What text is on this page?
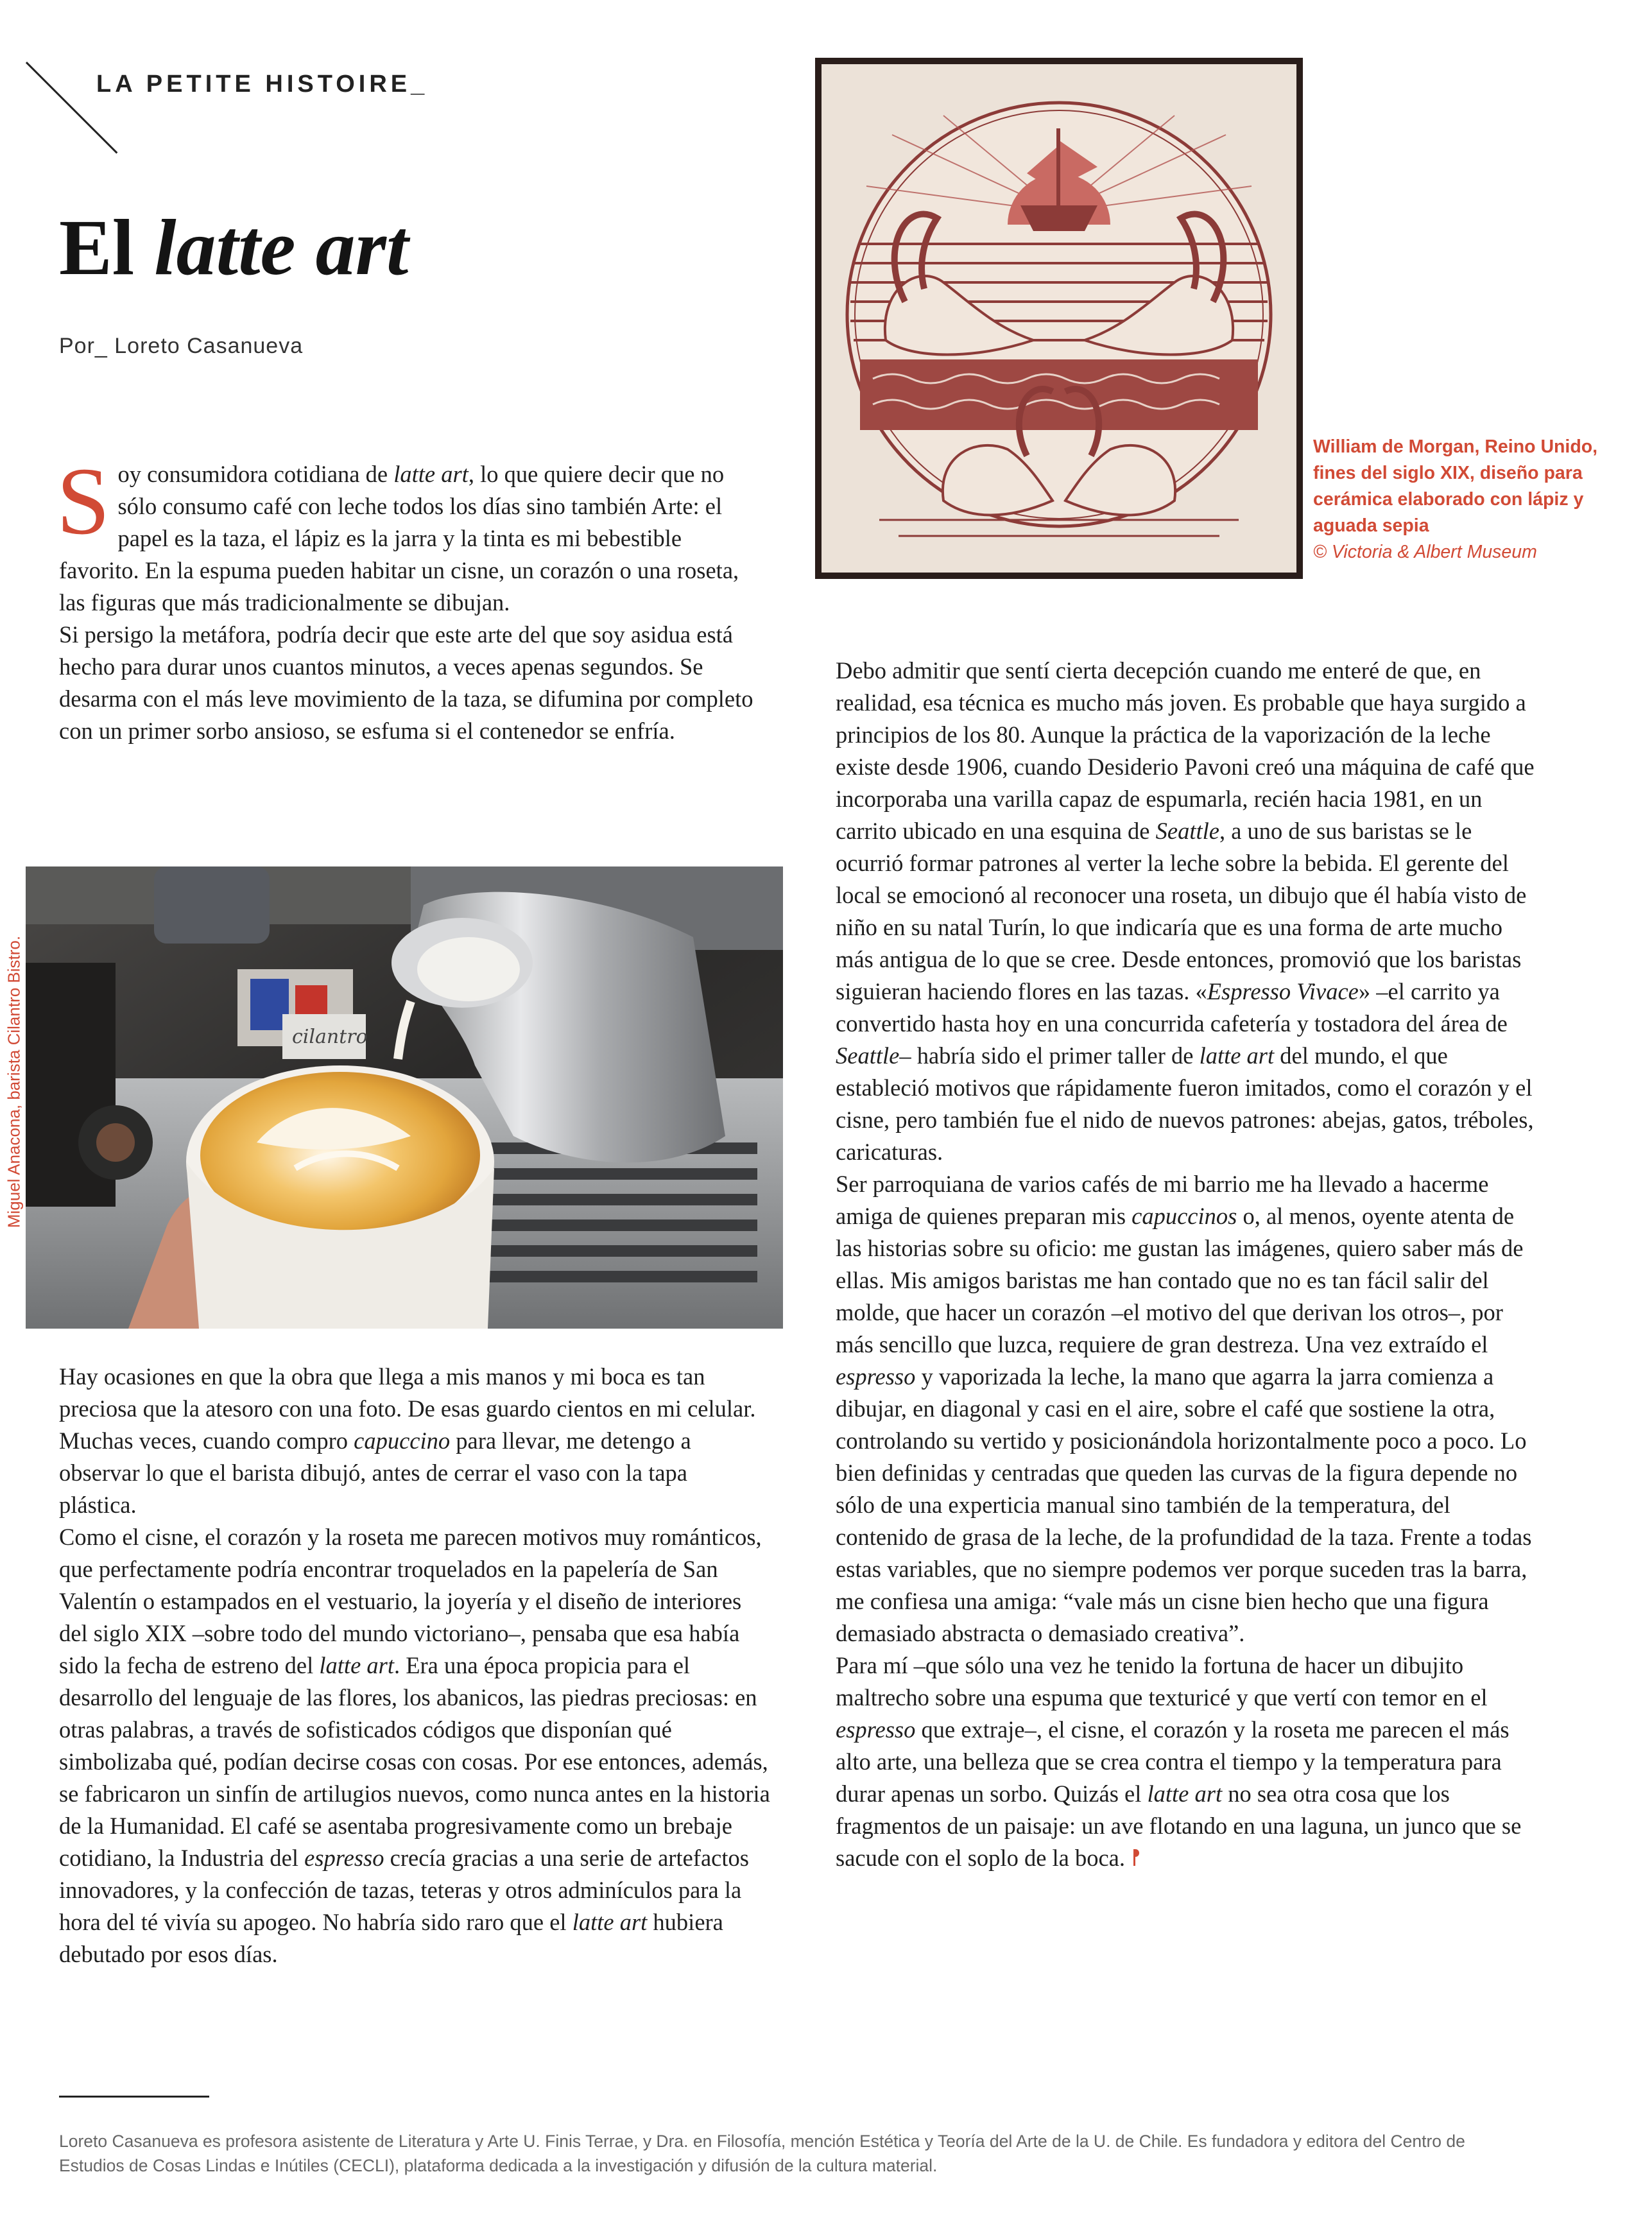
LA PETITE HISTOIRE_
El latte art
Por_ Loreto Casanueva

Soy consumidora cotidiana de latte art, lo que quiere decir que no sólo consumo café con leche todos los días sino también Arte: el papel es la taza, el lápiz es la jarra y la tinta es mi bebestible favorito. En la espuma pueden habitar un cisne, un corazón o una roseta, las figuras que más tradicionalmente se dibujan.

Si persigo la metáfora, podría decir que este arte del que soy asidua está hecho para durar unos cuantos minutos, a veces apenas segundos. Se desarma con el más leve movimiento de la taza, se difumina por completo con un primer sorbo ansioso, se esfuma si el contenedor se enfría.

cilantro
Miguel Anacona, barista Cilantro Bistro.

Hay ocasiones en que la obra que llega a mis manos y mi boca es tan preciosa que la atesoro con una foto. De esas guardo cientos en mi celular. Muchas veces, cuando compro capuccino para llevar, me detengo a observar lo que el barista dibujó, antes de cerrar el vaso con la tapa plástica.

Como el cisne, el corazón y la roseta me parecen motivos muy románticos, que perfectamente podría encontrar troquelados en la papelería de San Valentín o estampados en el vestuario, la joyería y el diseño de interiores del siglo XIX –sobre todo del mundo victoriano–, pensaba que esa había sido la fecha de estreno del latte art. Era una época propicia para el desarrollo del lenguaje de las flores, los abanicos, las piedras preciosas: en otras palabras, a través de sofisticados códigos que disponían qué simbolizaba qué, podían decirse cosas con cosas. Por ese entonces, además, se fabricaron un sinfín de artilugios nuevos, como nunca antes en la historia de la Humanidad. El café se asentaba progresivamente como un brebaje cotidiano, la Industria del espresso crecía gracias a una serie de artefactos innovadores, y la confección de tazas, teteras y otros adminículos para la hora del té vivía su apogeo. No habría sido raro que el latte art hubiera debutado por esos días.

William de Morgan, Reino Unido, fines del siglo XIX, diseño para cerámica elaborado con lápiz y aguada sepia
© Victoria & Albert Museum

Debo admitir que sentí cierta decepción cuando me enteré de que, en realidad, esa técnica es mucho más joven. Es probable que haya surgido a principios de los 80. Aunque la práctica de la vaporización de la leche existe desde 1906, cuando Desiderio Pavoni creó una máquina de café que incorporaba una varilla capaz de espumarla, recién hacia 1981, en un carrito ubicado en una esquina de Seattle, a uno de sus baristas se le ocurrió formar patrones al verter la leche sobre la bebida. El gerente del local se emocionó al reconocer una roseta, un dibujo que él había visto de niño en su natal Turín, lo que indicaría que es una forma de arte mucho más antigua de lo que se cree. Desde entonces, promovió que los baristas siguieran haciendo flores en las tazas. «Espresso Vivace» –el carrito ya convertido hasta hoy en una concurrida cafetería y tostadora del área de Seattle– habría sido el primer taller de latte art del mundo, el que estableció motivos que rápidamente fueron imitados, como el corazón y el cisne, pero también fue el nido de nuevos patrones: abejas, gatos, tréboles, caricaturas.

Ser parroquiana de varios cafés de mi barrio me ha llevado a hacerme amiga de quienes preparan mis capuccinos o, al menos, oyente atenta de las historias sobre su oficio: me gustan las imágenes, quiero saber más de ellas. Mis amigos baristas me han contado que no es tan fácil salir del molde, que hacer un corazón –el motivo del que derivan los otros–, por más sencillo que luzca, requiere de gran destreza. Una vez extraído el espresso y vaporizada la leche, la mano que agarra la jarra comienza a dibujar, en diagonal y casi en el aire, sobre el café que sostiene la otra, controlando su vertido y posicionándola horizontalmente poco a poco. Lo bien definidas y centradas que queden las curvas de la figura depende no sólo de una experticia manual sino también de la temperatura, del contenido de grasa de la leche, de la profundidad de la taza. Frente a todas estas variables, que no siempre podemos ver porque suceden tras la barra, me confiesa una amiga: “vale más un cisne bien hecho que una figura demasiado abstracta o demasiado creativa”.

Para mí –que sólo una vez he tenido la fortuna de hacer un dibujito maltrecho sobre una espuma que texturicé y que vertí con temor en el espresso que extraje–, el cisne, el corazón y la roseta me parecen el más alto arte, una belleza que se crea contra el tiempo y la temperatura para durar apenas un sorbo. Quizás el latte art no sea otra cosa que los fragmentos de un paisaje: un ave flotando en una laguna, un junco que se sacude con el soplo de la boca.

Loreto Casanueva es profesora asistente de Literatura y Arte U. Finis Terrae, y Dra. en Filosofía, mención Estética y Teoría del Arte de la U. de Chile. Es fundadora y editora del Centro de Estudios de Cosas Lindas e Inútiles (CECLI), plataforma dedicada a la investigación y difusión de la cultura material.
